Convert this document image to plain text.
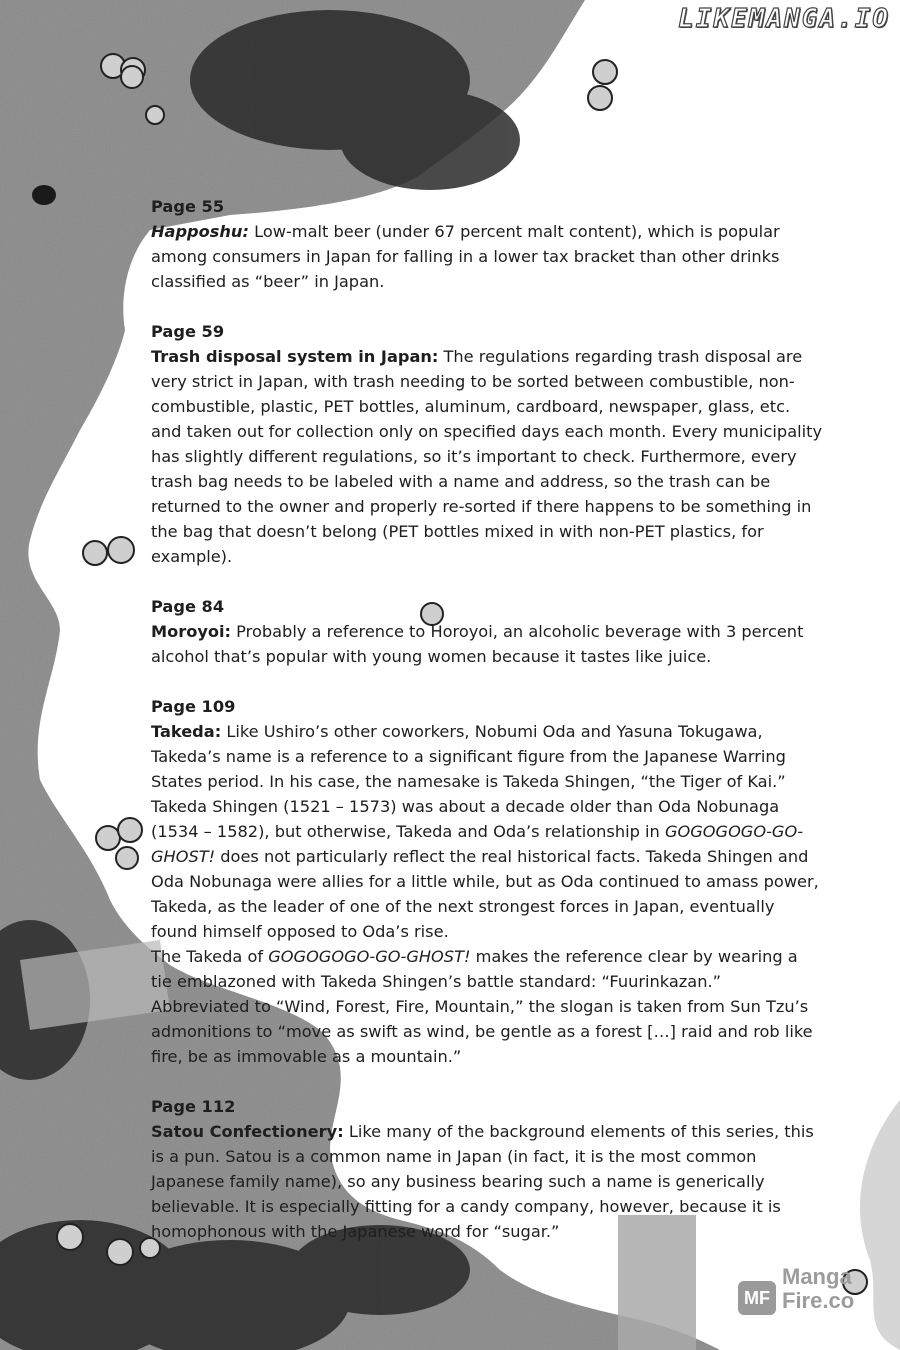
LIKEMANGA.IO
Page 55
Happoshu: Low-malt beer (under 67 percent malt content), which is popular among consumers in Japan for falling in a lower tax bracket than other drinks classified as “beer” in Japan.
Page 59
Trash disposal system in Japan: The regulations regarding trash disposal are very strict in Japan, with trash needing to be sorted between combustible, non-combustible, plastic, PET bottles, aluminum, cardboard, newspaper, glass, etc. and taken out for collection only on specified days each month. Every municipality has slightly different regulations, so it’s important to check. Furthermore, every trash bag needs to be labeled with a name and address, so the trash can be returned to the owner and properly re-sorted if there happens to be something in the bag that doesn’t belong (PET bottles mixed in with non-PET plastics, for example).
Page 84
Moroyoi: Probably a reference to Horoyoi, an alcoholic beverage with 3 percent alcohol that’s popular with young women because it tastes like juice.
Page 109
Takeda: Like Ushiro’s other coworkers, Nobumi Oda and Yasuna Tokugawa, Takeda’s name is a reference to a significant figure from the Japanese Warring States period. In his case, the namesake is Takeda Shingen, “the Tiger of Kai.” Takeda Shingen (1521 – 1573) was about a decade older than Oda Nobunaga (1534 – 1582), but otherwise, Takeda and Oda’s relationship in GOGOGOGO-GO-GHOST! does not particularly reflect the real historical facts. Takeda Shingen and Oda Nobunaga were allies for a little while, but as Oda continued to amass power, Takeda, as the leader of one of the next strongest forces in Japan, eventually found himself opposed to Oda’s rise.
The Takeda of GOGOGOGO-GO-GHOST! makes the reference clear by wearing a tie emblazoned with Takeda Shingen’s battle standard: “Fuurinkazan.” Abbreviated to “Wind, Forest, Fire, Mountain,” the slogan is taken from Sun Tzu’s admonitions to “move as swift as wind, be gentle as a forest […] raid and rob like fire, be as immovable as a mountain.”
Page 112
Satou Confectionery: Like many of the background elements of this series, this is a pun. Satou is a common name in Japan (in fact, it is the most common Japanese family name), so any business bearing such a name is generically believable. It is especially fitting for a candy company, however, because it is homophonous with the Japanese word for “sugar.”
MF
Manga
Fire.co
